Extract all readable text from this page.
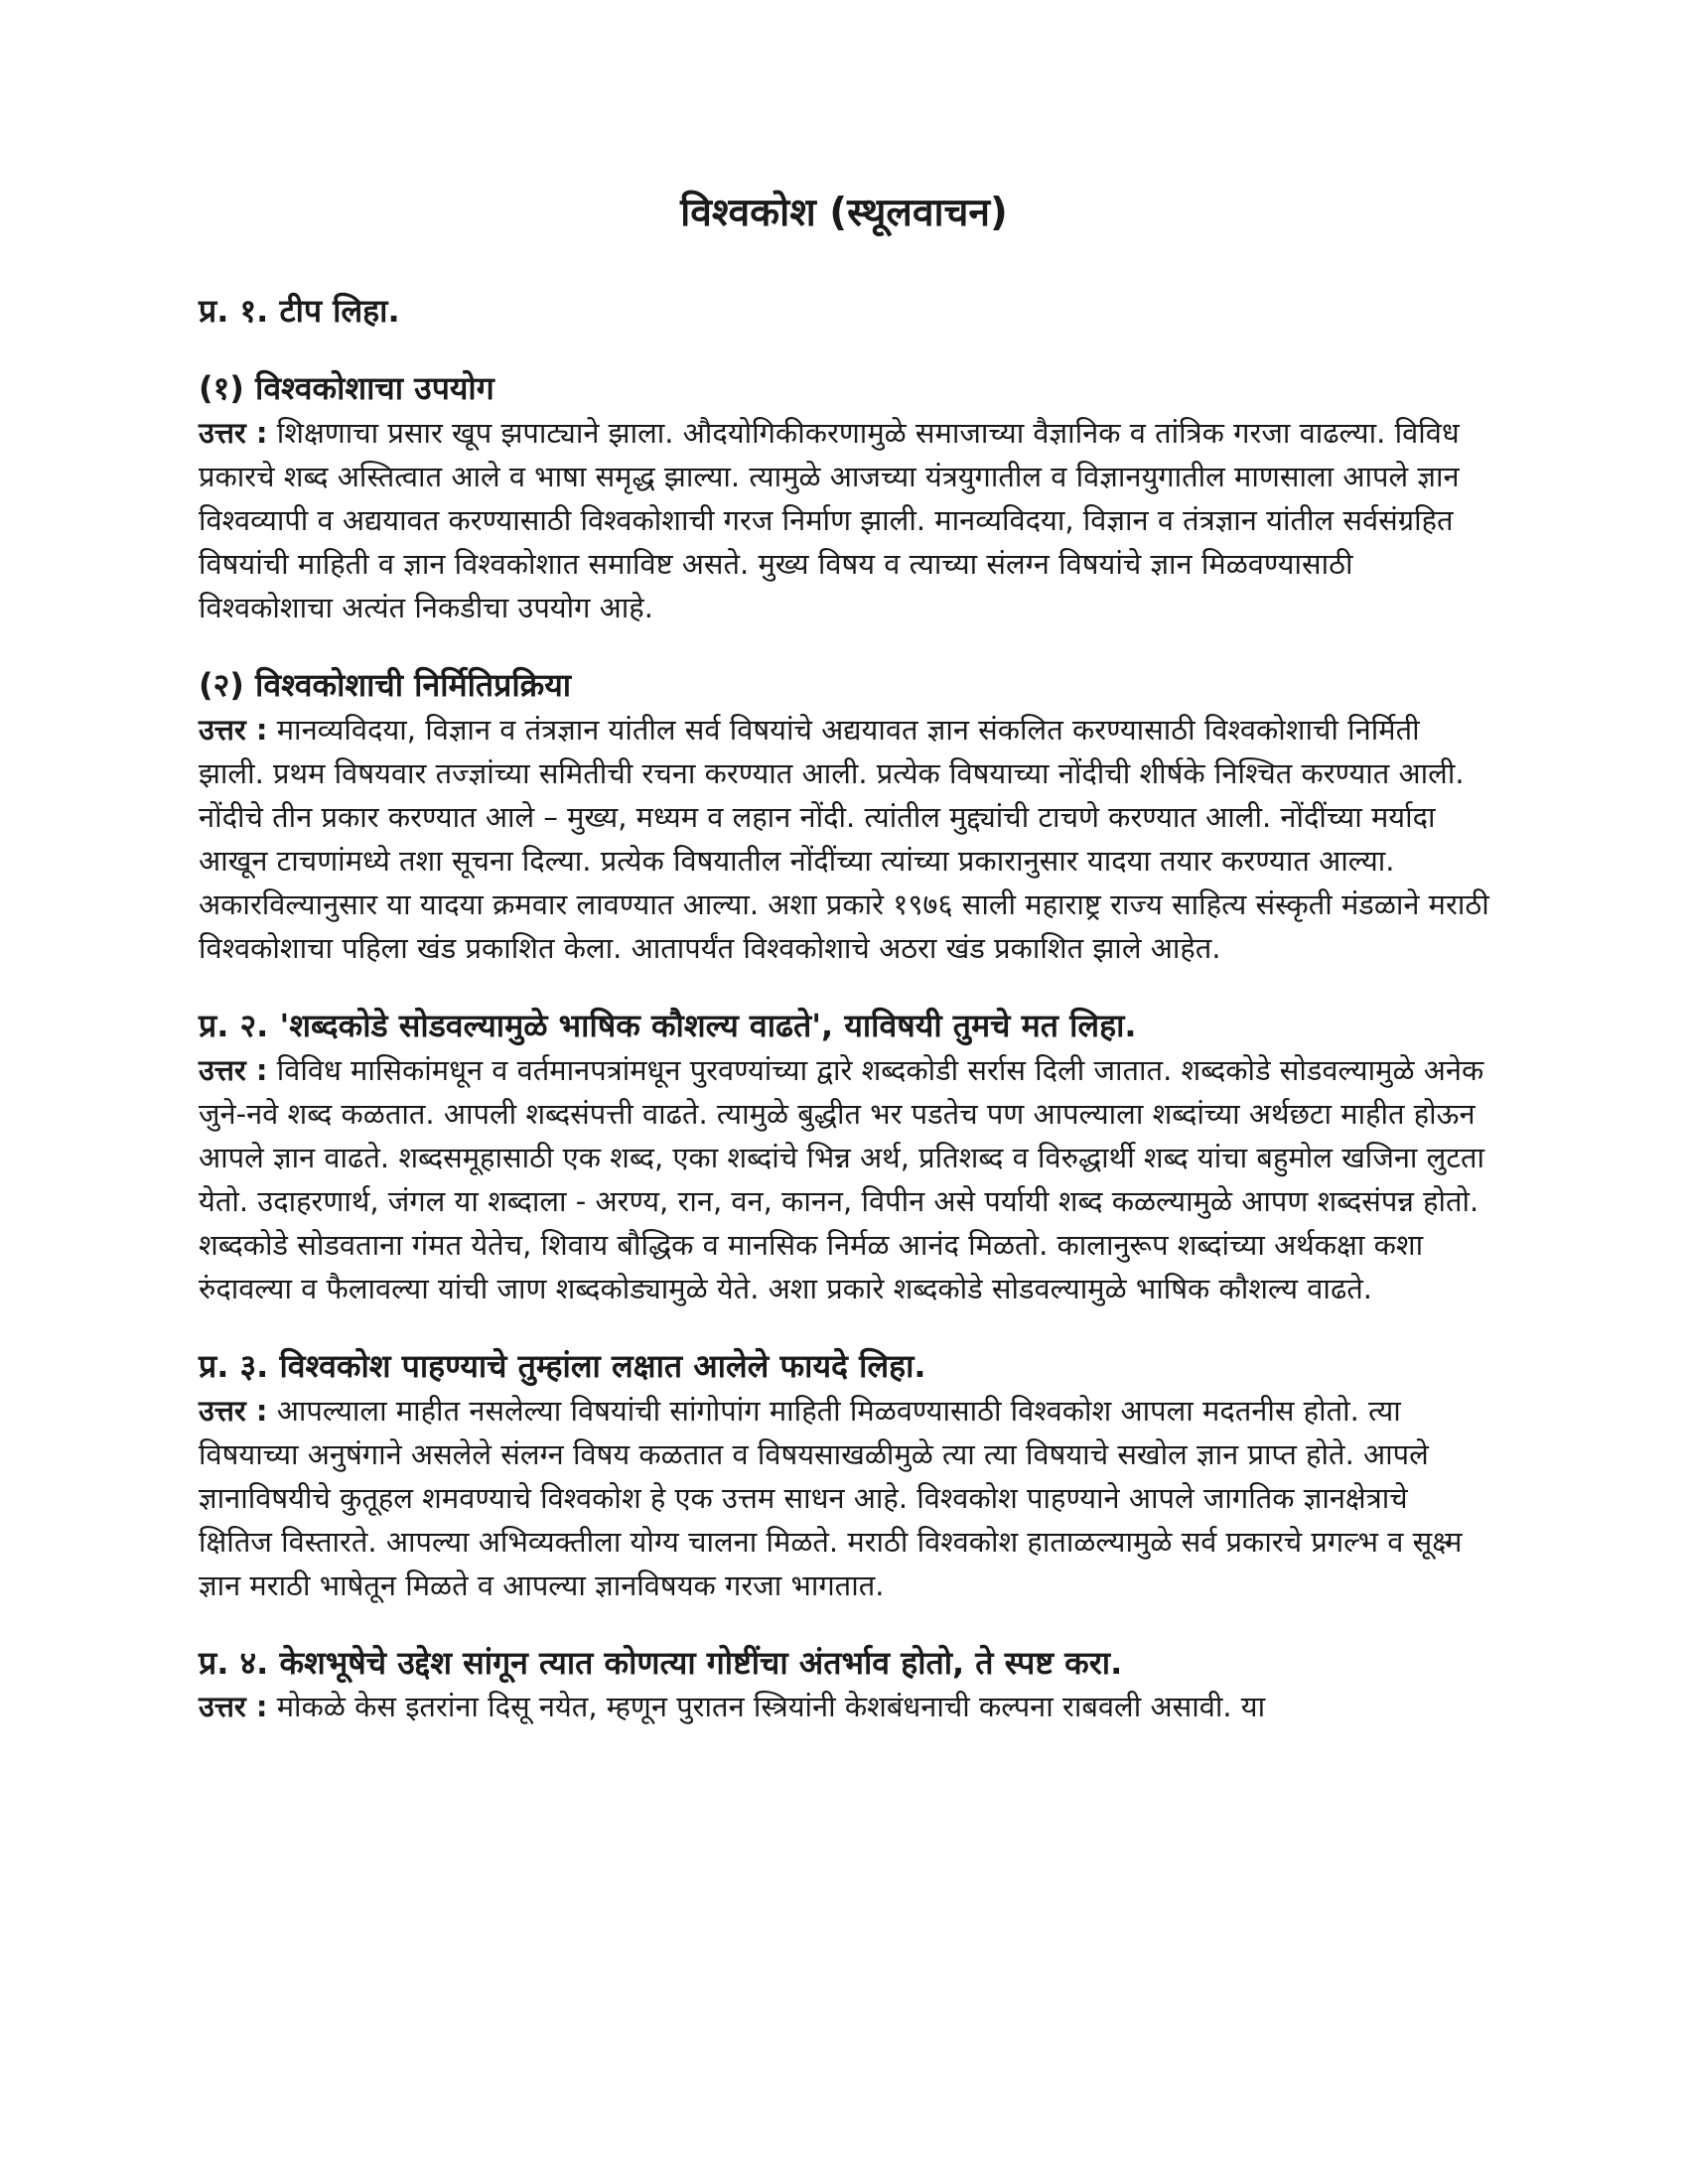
विश्वकोश (स्थूलवाचन)

प्र. १. टीप लिहा.

(१) विश्वकोशाचा उपयोग

उत्तर : शिक्षणाचा प्रसार खूप झपाट्याने झाला. औदयोगिकीकरणामुळे समाजाच्या वैज्ञानिक व तांत्रिक गरजा वाढल्या. विविध प्रकारचे शब्द अस्तित्वात आले व भाषा समृद्ध झाल्या. त्यामुळे आजच्या यंत्रयुगातील व विज्ञानयुगातील माणसाला आपले ज्ञान विश्वव्यापी व अद्ययावत करण्यासाठी विश्वकोशाची गरज निर्माण झाली. मानव्यविदया, विज्ञान व तंत्रज्ञान यांतील सर्वसंग्रहित विषयांची माहिती व ज्ञान विश्वकोशात समाविष्ट असते. मुख्य विषय व त्याच्या संलग्न विषयांचे ज्ञान मिळवण्यासाठी विश्वकोशाचा अत्यंत निकडीचा उपयोग आहे.

(२) विश्वकोशाची निर्मितिप्रक्रिया

उत्तर : मानव्यविदया, विज्ञान व तंत्रज्ञान यांतील सर्व विषयांचे अद्ययावत ज्ञान संकलित करण्यासाठी विश्वकोशाची निर्मिती झाली. प्रथम विषयवार तज्ज्ञांच्या समितीची रचना करण्यात आली. प्रत्येक विषयाच्या नोंदीची शीर्षके निश्चित करण्यात आली. नोंदीचे तीन प्रकार करण्यात आले – मुख्य, मध्यम व लहान नोंदी. त्यांतील मुद्द्यांची टाचणे करण्यात आली. नोंदींच्या मर्यादा आखून टाचणांमध्ये तशा सूचना दिल्या. प्रत्येक विषयातील नोंदींच्या त्यांच्या प्रकारानुसार यादया तयार करण्यात आल्या. अकारविल्यानुसार या यादया क्रमवार लावण्यात आल्या. अशा प्रकारे १९७६ साली महाराष्ट्र राज्य साहित्य संस्कृती मंडळाने मराठी विश्वकोशाचा पहिला खंड प्रकाशित केला. आतापर्यंत विश्वकोशाचे अठरा खंड प्रकाशित झाले आहेत.

प्र. २. 'शब्दकोडे सोडवल्यामुळे भाषिक कौशल्य वाढते', याविषयी तुमचे मत लिहा.

उत्तर : विविध मासिकांमधून व वर्तमानपत्रांमधून पुरवण्यांच्या द्वारे शब्दकोडी सर्रास दिली जातात. शब्दकोडे सोडवल्यामुळे अनेक जुने-नवे शब्द कळतात. आपली शब्दसंपत्ती वाढते. त्यामुळे बुद्धीत भर पडतेच पण आपल्याला शब्दांच्या अर्थछटा माहीत होऊन आपले ज्ञान वाढते. शब्दसमूहासाठी एक शब्द, एका शब्दांचे भिन्न अर्थ, प्रतिशब्द व विरुद्धार्थी शब्द यांचा बहुमोल खजिना लुटता येतो. उदाहरणार्थ, जंगल या शब्दाला - अरण्य, रान, वन, कानन, विपीन असे पर्यायी शब्द कळल्यामुळे आपण शब्दसंपन्न होतो. शब्दकोडे सोडवताना गंमत येतेच, शिवाय बौद्धिक व मानसिक निर्मळ आनंद मिळतो. कालानुरूप शब्दांच्या अर्थकक्षा कशा रुंदावल्या व फैलावल्या यांची जाण शब्दकोड्यामुळे येते. अशा प्रकारे शब्दकोडे सोडवल्यामुळे भाषिक कौशल्य वाढते.

प्र. ३. विश्वकोश पाहण्याचे तुम्हांला लक्षात आलेले फायदे लिहा.

उत्तर : आपल्याला माहीत नसलेल्या विषयांची सांगोपांग माहिती मिळवण्यासाठी विश्वकोश आपला मदतनीस होतो. त्या विषयाच्या अनुषंगाने असलेले संलग्न विषय कळतात व विषयसाखळीमुळे त्या त्या विषयाचे सखोल ज्ञान प्राप्त होते. आपले ज्ञानाविषयीचे कुतूहल शमवण्याचे विश्वकोश हे एक उत्तम साधन आहे. विश्वकोश पाहण्याने आपले जागतिक ज्ञानक्षेत्राचे क्षितिज विस्तारते. आपल्या अभिव्यक्तीला योग्य चालना मिळते. मराठी विश्वकोश हाताळल्यामुळे सर्व प्रकारचे प्रगल्भ व सूक्ष्म ज्ञान मराठी भाषेतून मिळते व आपल्या ज्ञानविषयक गरजा भागतात.

प्र. ४. केशभूषेचे उद्देश सांगून त्यात कोणत्या गोष्टींचा अंतर्भाव होतो, ते स्पष्ट करा.

उत्तर : मोकळे केस इतरांना दिसू नयेत, म्हणून पुरातन स्त्रियांनी केशबंधनाची कल्पना राबवली असावी. या
